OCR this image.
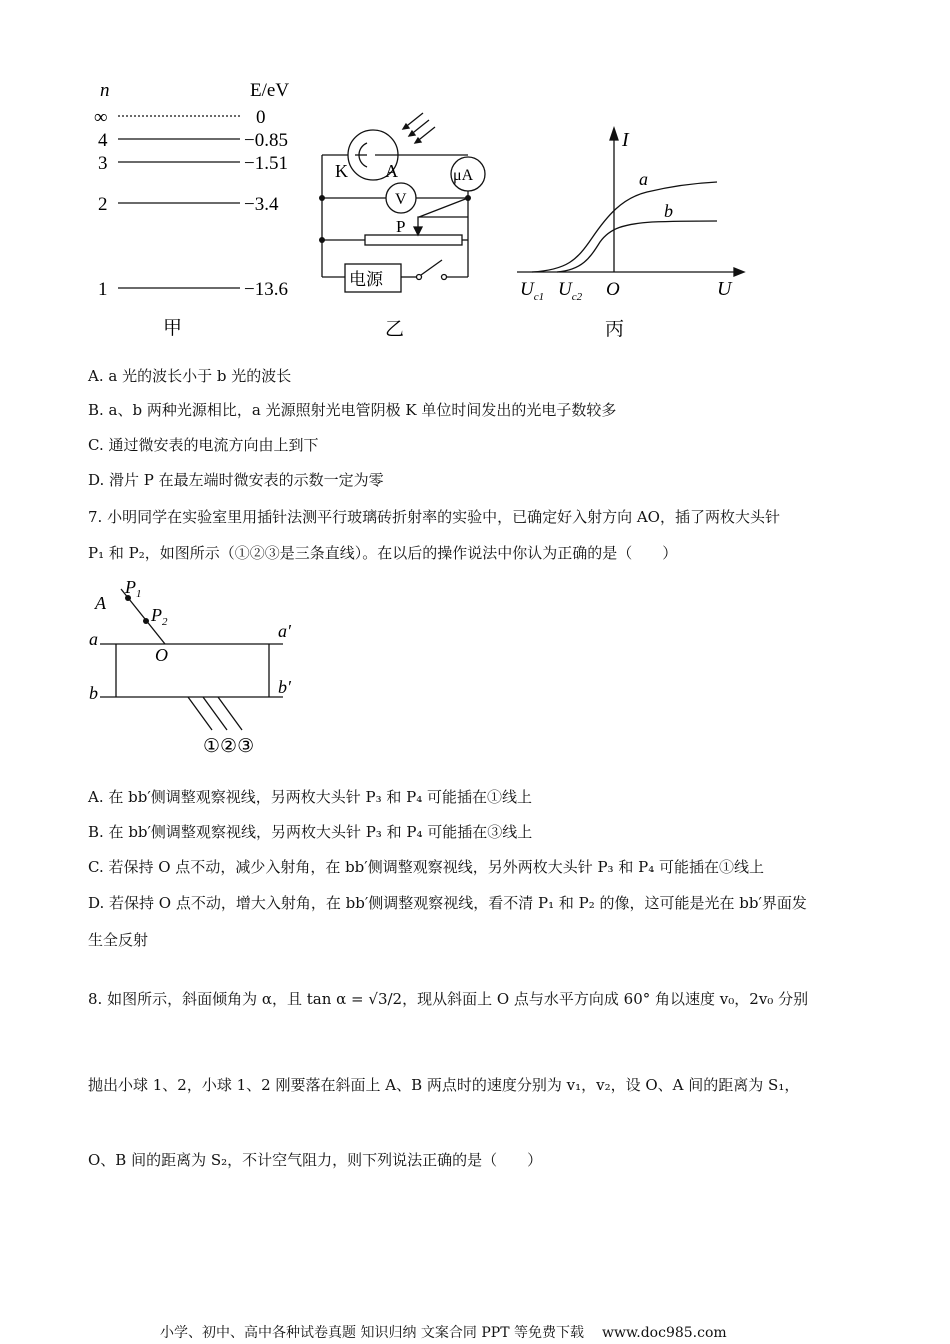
n	E/eV
∞	0
4	−0.85
3	−1.51
2	−3.4
1	−13.6
甲
K A	μA
V
P
电源
乙
I
a
b
$U_{c1}$ $U_{c2}$ O	U
丙
A. a 光的波长小于 b 光的波长
B. a、b 两种光源相比，a 光源照射光电管阴极 K 单位时间发出的光电子数较多
C. 通过微安表的电流方向由上到下
D. 滑片 P 在最左端时微安表的示数一定为零
7. 小明同学在实验室里用插针法测平行玻璃砖折射率的实验中，已确定好入射方向 AO，插了两枚大头针
P₁ 和 P₂，如图所示（①②③是三条直线）。在以后的操作说法中你认为正确的是（　　）
A
$P_1$
$P_2$
a	a′
O
b	b′
①②③
A. 在 bb′侧调整观察视线，另两枚大头针 P₃ 和 P₄ 可能插在①线上
B. 在 bb′侧调整观察视线，另两枚大头针 P₃ 和 P₄ 可能插在③线上
C. 若保持 O 点不动，减少入射角，在 bb′侧调整观察视线，另外两枚大头针 P₃ 和 P₄ 可能插在①线上
D. 若保持 O 点不动，增大入射角，在 bb′侧调整观察视线，看不清 P₁ 和 P₂ 的像，这可能是光在 bb′界面发
生全反射
8. 如图所示，斜面倾角为 α，且 tan α = √3/2，现从斜面上 O 点与水平方向成 60° 角以速度 v₀，2v₀ 分别
抛出小球 1、2，小球 1、2 刚要落在斜面上 A、B 两点时的速度分别为 v₁，v₂，设 O、A 间的距离为 S₁，
O、B 间的距离为 S₂，不计空气阻力，则下列说法正确的是（　　）
小学、初中、高中各种试卷真题 知识归纳 文案合同 PPT 等免费下载 www.doc985.com
